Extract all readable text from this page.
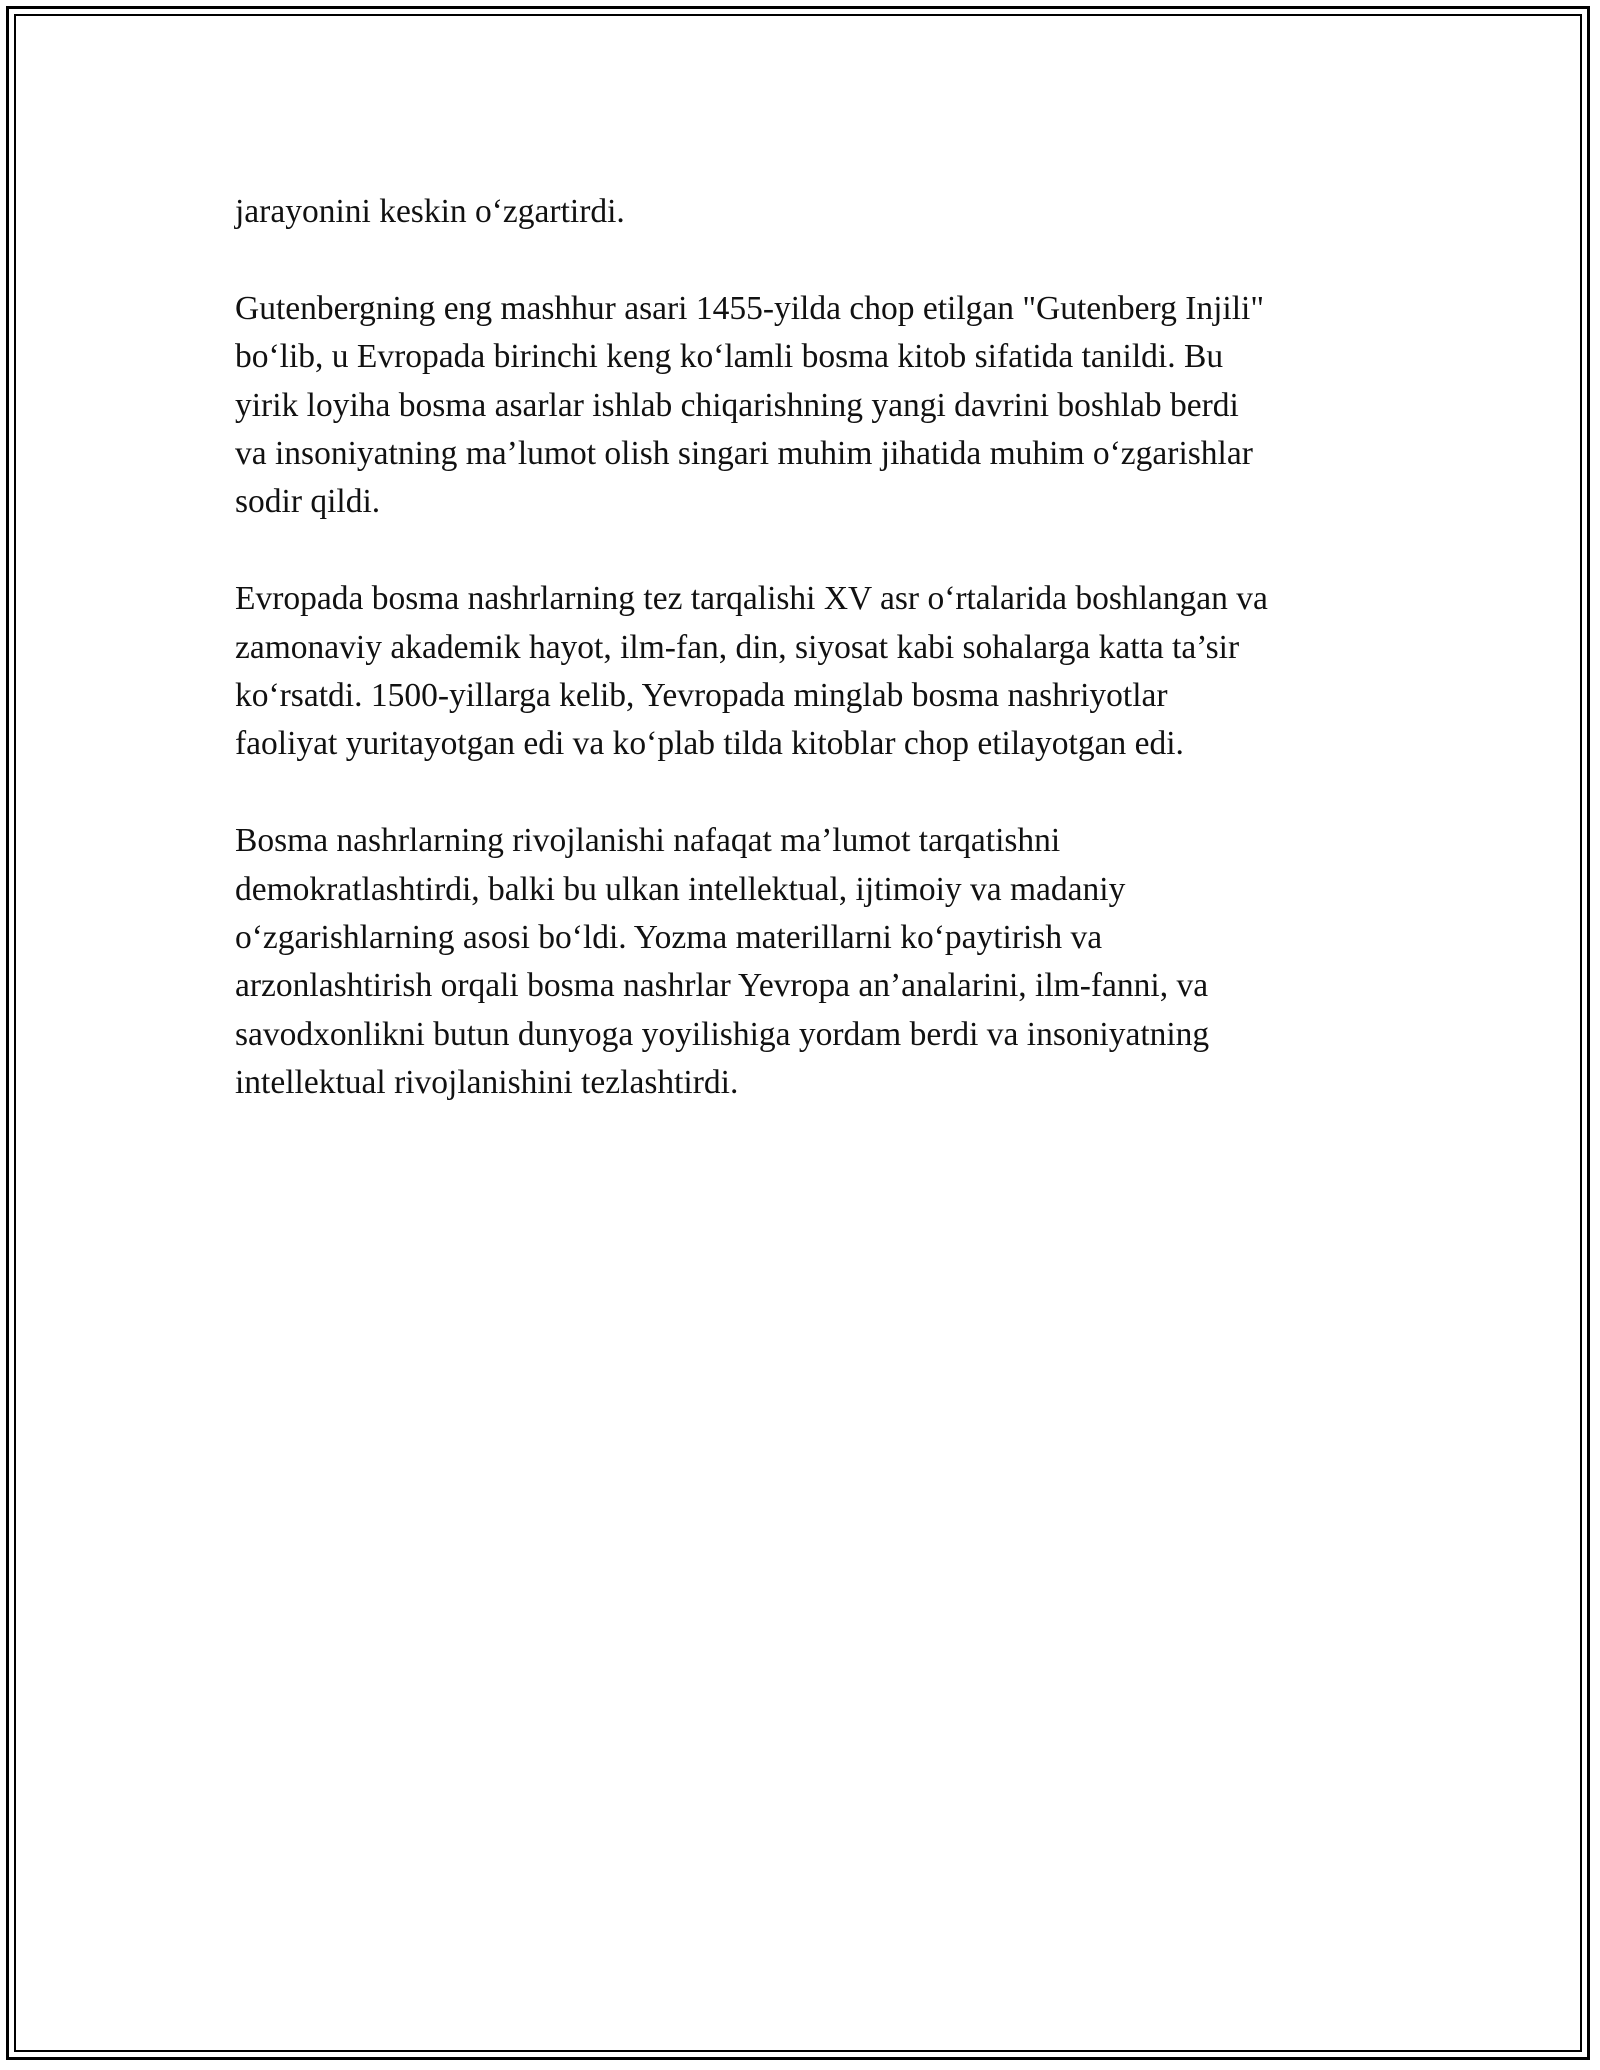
jarayonini keskin o‘zgartirdi.

Gutenbergning eng mashhur asari 1455-yilda chop etilgan "Gutenberg Injili"
bo‘lib, u Evropada birinchi keng ko‘lamli bosma kitob sifatida tanildi. Bu
yirik loyiha bosma asarlar ishlab chiqarishning yangi davrini boshlab berdi
va insoniyatning ma’lumot olish singari muhim jihatida muhim o‘zgarishlar
sodir qildi.

Evropada bosma nashrlarning tez tarqalishi XV asr o‘rtalarida boshlangan va
zamonaviy akademik hayot, ilm-fan, din, siyosat kabi sohalarga katta ta’sir
ko‘rsatdi. 1500-yillarga kelib, Yevropada minglab bosma nashriyotlar
faoliyat yuritayotgan edi va ko‘plab tilda kitoblar chop etilayotgan edi.

Bosma nashrlarning rivojlanishi nafaqat ma’lumot tarqatishni
demokratlashtirdi, balki bu ulkan intellektual, ijtimoiy va madaniy
o‘zgarishlarning asosi bo‘ldi. Yozma materillarni ko‘paytirish va
arzonlashtirish orqali bosma nashrlar Yevropa an’analarini, ilm-fanni, va
savodxonlikni butun dunyoga yoyilishiga yordam berdi va insoniyatning
intellektual rivojlanishini tezlashtirdi.
